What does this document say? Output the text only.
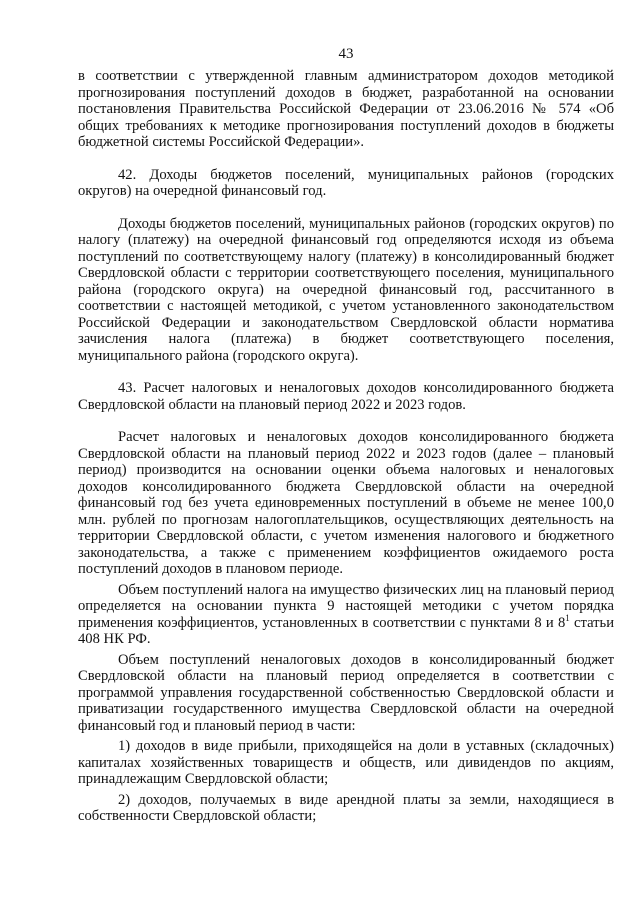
43

в соответствии с утвержденной главным администратором доходов методикой прогнозирования поступлений доходов в бюджет, разработанной на основании постановления Правительства Российской Федерации от 23.06.2016 № 574 «Об общих требованиях к методике прогнозирования поступлений доходов в бюджеты бюджетной системы Российской Федерации».

42. Доходы бюджетов поселений, муниципальных районов (городских округов) на очередной финансовый год.

Доходы бюджетов поселений, муниципальных районов (городских округов) по налогу (платежу) на очередной финансовый год определяются исходя из объема поступлений по соответствующему налогу (платежу) в консолидированный бюджет Свердловской области с территории соответствующего поселения, муниципального района (городского округа) на очередной финансовый год, рассчитанного в соответствии с настоящей методикой, с учетом установленного законодательством Российской Федерации и законодательством Свердловской области норматива зачисления налога (платежа) в бюджет соответствующего поселения, муниципального района (городского округа).

43. Расчет налоговых и неналоговых доходов консолидированного бюджета Свердловской области на плановый период 2022 и 2023 годов.

Расчет налоговых и неналоговых доходов консолидированного бюджета Свердловской области на плановый период 2022 и 2023 годов (далее – плановый период) производится на основании оценки объема налоговых и неналоговых доходов консолидированного бюджета Свердловской области на очередной финансовый год без учета единовременных поступлений в объеме не менее 100,0 млн. рублей по прогнозам налогоплательщиков, осуществляющих деятельность на территории Свердловской области, с учетом изменения налогового и бюджетного законодательства, а также с применением коэффициентов ожидаемого роста поступлений доходов в плановом периоде.

Объем поступлений налога на имущество физических лиц на плановый период определяется на основании пункта 9 настоящей методики с учетом порядка применения коэффициентов, установленных в соответствии с пунктами 8 и $8^1$ статьи 408 НК РФ.

Объем поступлений неналоговых доходов в консолидированный бюджет Свердловской области на плановый период определяется в соответствии с программой управления государственной собственностью Свердловской области и приватизации государственного имущества Свердловской области на очередной финансовый год и плановый период в части:

1) доходов в виде прибыли, приходящейся на доли в уставных (складочных) капиталах хозяйственных товариществ и обществ, или дивидендов по акциям, принадлежащим Свердловской области;

2) доходов, получаемых в виде арендной платы за земли, находящиеся в собственности Свердловской области;
